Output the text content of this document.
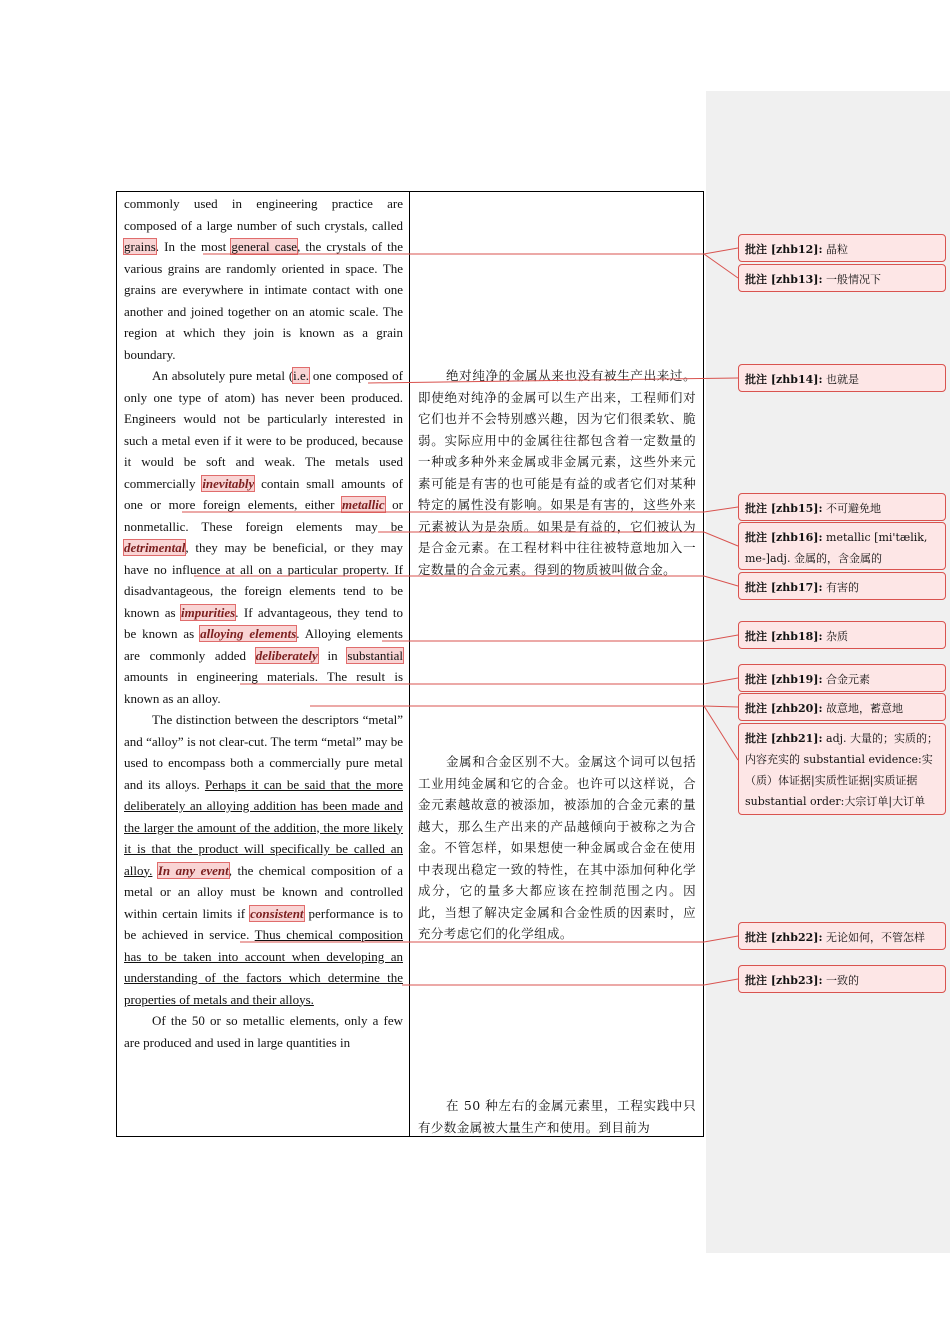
commonly used in engineering practice are composed of a large number of such crystals, called grains. In the most general case, the crystals of the various grains are randomly oriented in space. The grains are everywhere in intimate contact with one another and joined together on an atomic scale. The region at which they join is known as a grain boundary.

An absolutely pure metal (i.e. one composed of only one type of atom) has never been produced. Engineers would not be particularly interested in such a metal even if it were to be produced, because it would be soft and weak. The metals used commercially inevitably contain small amounts of one or more foreign elements, either metallic or nonmetallic. These foreign elements may be detrimental, they may be beneficial, or they may have no influence at all on a particular property. If disadvantageous, the foreign elements tend to be known as impurities. If advantageous, they tend to be known as alloying elements. Alloying elements are commonly added deliberately in substantial amounts in engineering materials. The result is known as an alloy.

The distinction between the descriptors “metal” and “alloy” is not clear-cut. The term “metal” may be used to encompass both a commercially pure metal and its alloys. Perhaps it can be said that the more deliberately an alloying addition has been made and the larger the amount of the addition, the more likely it is that the product will specifically be called an alloy. In any event, the chemical composition of a metal or an alloy must be known and controlled within certain limits if consistent performance is to be achieved in service. Thus chemical composition has to be taken into account when developing an understanding of the factors which determine the properties of metals and their alloys.

Of the 50 or so metallic elements, only a few are produced and used in large quantities in

绝对纯净的金属从来也没有被生产出来过。即使绝对纯净的金属可以生产出来，工程师们对它们也并不会特别感兴趣，因为它们很柔软、脆弱。实际应用中的金属往往都包含着一定数量的一种或多种外来金属或非金属元素，这些外来元素可能是有害的也可能是有益的或者它们对某种特定的属性没有影响。如果是有害的，这些外来元素被认为是杂质。如果是有益的，它们被认为是合金元素。在工程材料中往往被特意地加入一定数量的合金元素。得到的物质被叫做合金。

金属和合金区别不大。金属这个词可以包括工业用纯金属和它的合金。也许可以这样说，合金元素越故意的被添加，被添加的合金元素的量越大，那么生产出来的产品越倾向于被称之为合金。不管怎样，如果想使一种金属或合金在使用中表现出稳定一致的特性，在其中添加何种化学成分，它的量多大都应该在控制范围之内。因此，当想了解决定金属和合金性质的因素时，应充分考虑它们的化学组成。

在 50 种左右的金属元素里，工程实践中只有少数金属被大量生产和使用。到目前为

批注 [zhb12]: 晶粒
批注 [zhb13]: 一般情况下
批注 [zhb14]: 也就是
批注 [zhb15]: 不可避免地
批注 [zhb16]: metallic [mi'tælik, me-]adj. 金属的，含金属的
批注 [zhb17]: 有害的
批注 [zhb18]: 杂质
批注 [zhb19]: 合金元素
批注 [zhb20]: 故意地，蓄意地
批注 [zhb21]: adj. 大量的；实质的；内容充实的 substantial evidence:实（质）体证据|实质性证据|实质证据 substantial order:大宗订单|大订单
批注 [zhb22]: 无论如何，不管怎样
批注 [zhb23]: 一致的
